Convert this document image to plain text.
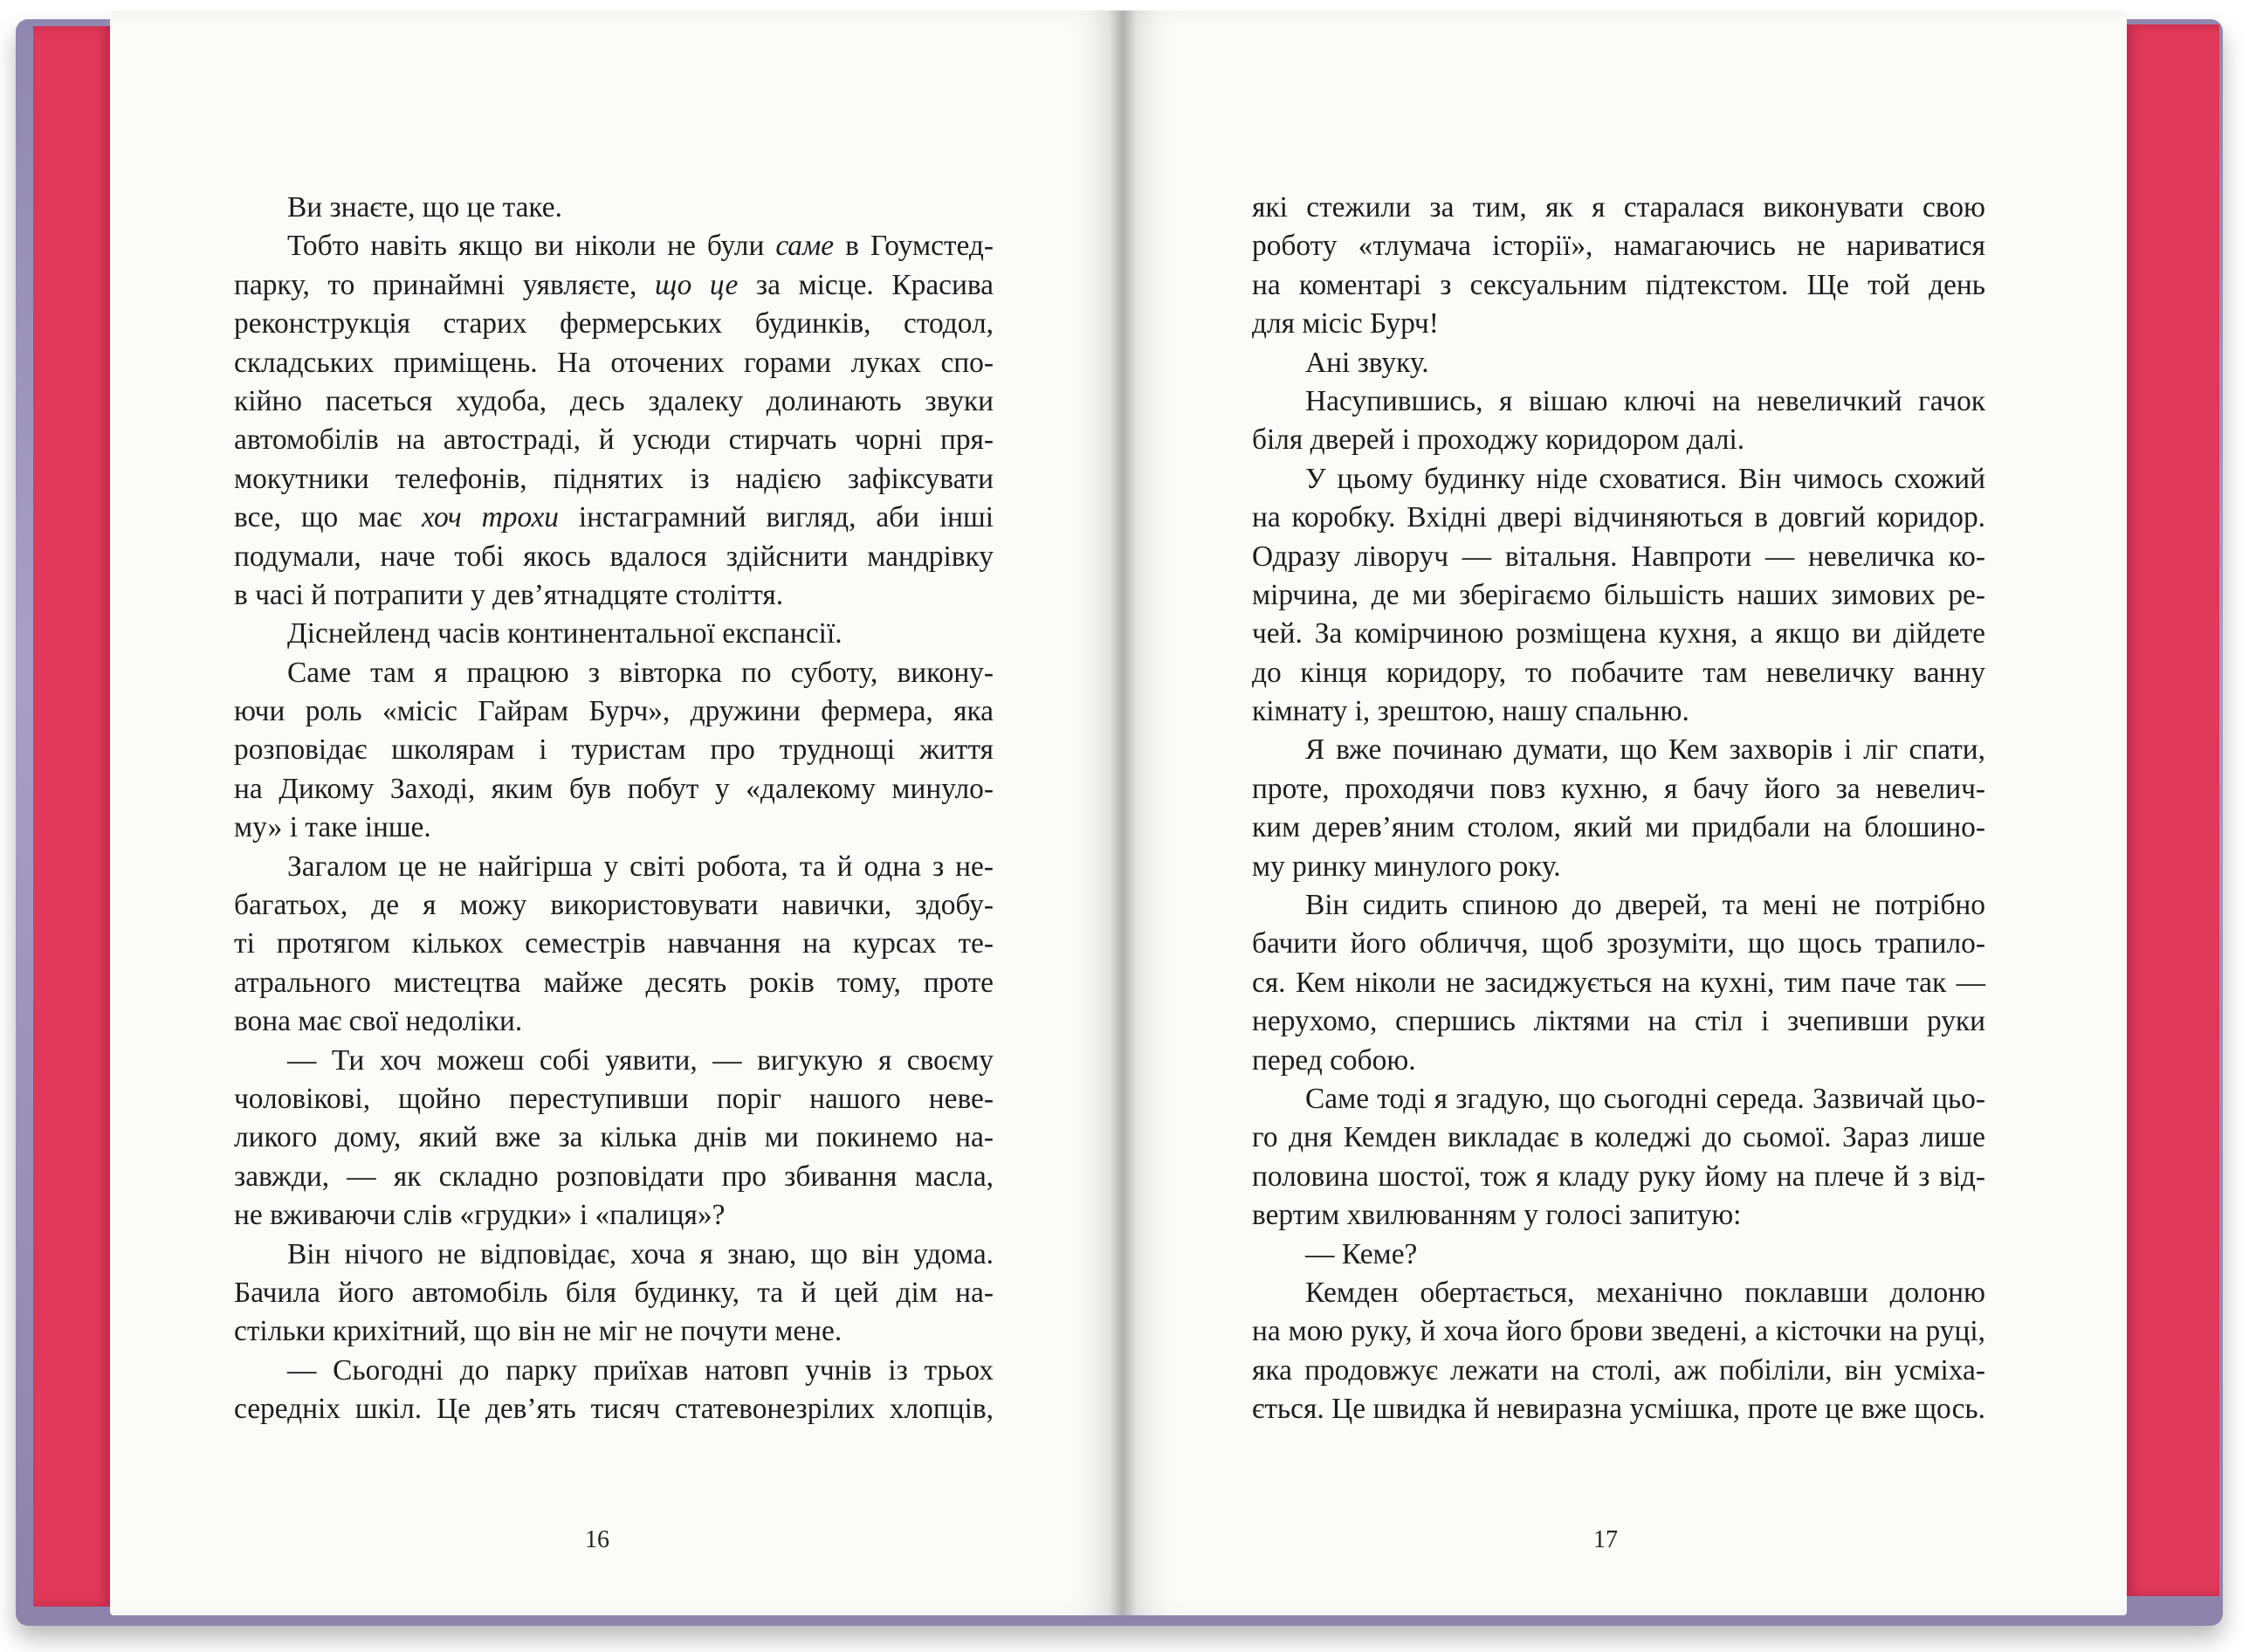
Ви знаєте, що це таке.
Тобто навіть якщо ви ніколи не були саме в Гоумстед-
парку, то принаймні уявляєте, що це за місце. Красива
реконструкція старих фермерських будинків, стодол,
складських приміщень. На оточених горами луках спо-
кійно пасеться худоба, десь здалеку долинають звуки
автомобілів на автостраді, й усюди стирчать чорні пря-
мокутники телефонів, піднятих із надією зафіксувати
все, що має хоч трохи інстаграмний вигляд, аби інші
подумали, наче тобі якось вдалося здійснити мандрівку
в часі й потрапити у дев’ятнадцяте століття.
Діснейленд часів континентальної експансії.
Саме там я працюю з вівторка по суботу, викону-
ючи роль «місіс Гайрам Бурч», дружини фермера, яка
розповідає школярам і туристам про труднощі життя
на Дикому Заході, яким був побут у «далекому минуло-
му» і таке інше.
Загалом це не найгірша у світі робота, та й одна з не-
багатьох, де я можу використовувати навички, здобу-
ті протягом кількох семестрів навчання на курсах те-
атрального мистецтва майже десять років тому, проте
вона має свої недоліки.
— Ти хоч можеш собі уявити, — вигукую я своєму
чоловікові, щойно переступивши поріг нашого неве-
ликого дому, який вже за кілька днів ми покинемо на-
завжди, — як складно розповідати про збивання масла,
не вживаючи слів «грудки» і «палиця»?
Він нічого не відповідає, хоча я знаю, що він удома.
Бачила його автомобіль біля будинку, та й цей дім на-
стільки крихітний, що він не міг не почути мене.
— Сьогодні до парку приїхав натовп учнів із трьох
середніх шкіл. Це дев’ять тисяч статевонезрілих хлопців,
16
які стежили за тим, як я старалася виконувати свою
роботу «тлумача історії», намагаючись не нариватися
на коментарі з сексуальним підтекстом. Ще той день
для місіс Бурч!
Ані звуку.
Насупившись, я вішаю ключі на невеличкий гачок
біля дверей і проходжу коридором далі.
У цьому будинку ніде сховатися. Він чимось схожий
на коробку. Вхідні двері відчиняються в довгий коридор.
Одразу ліворуч — вітальня. Навпроти — невеличка ко-
мірчина, де ми зберігаємо більшість наших зимових ре-
чей. За комірчиною розміщена кухня, а якщо ви дійдете
до кінця коридору, то побачите там невеличку ванну
кімнату і, зрештою, нашу спальню.
Я вже починаю думати, що Кем захворів і ліг спати,
проте, проходячи повз кухню, я бачу його за невелич-
ким дерев’яним столом, який ми придбали на блошино-
му ринку минулого року.
Він сидить спиною до дверей, та мені не потрібно
бачити його обличчя, щоб зрозуміти, що щось трапило-
ся. Кем ніколи не засиджується на кухні, тим паче так —
нерухомо, спершись ліктями на стіл і зчепивши руки
перед собою.
Саме тоді я згадую, що сьогодні середа. Зазвичай цьо-
го дня Кемден викладає в коледжі до сьомої. Зараз лише
половина шостої, тож я кладу руку йому на плече й з від-
вертим хвилюванням у голосі запитую:
— Кеме?
Кемден обертається, механічно поклавши долоню
на мою руку, й хоча його брови зведені, а кісточки на руці,
яка продовжує лежати на столі, аж побіліли, він усміха-
ється. Це швидка й невиразна усмішка, проте це вже щось.
17
